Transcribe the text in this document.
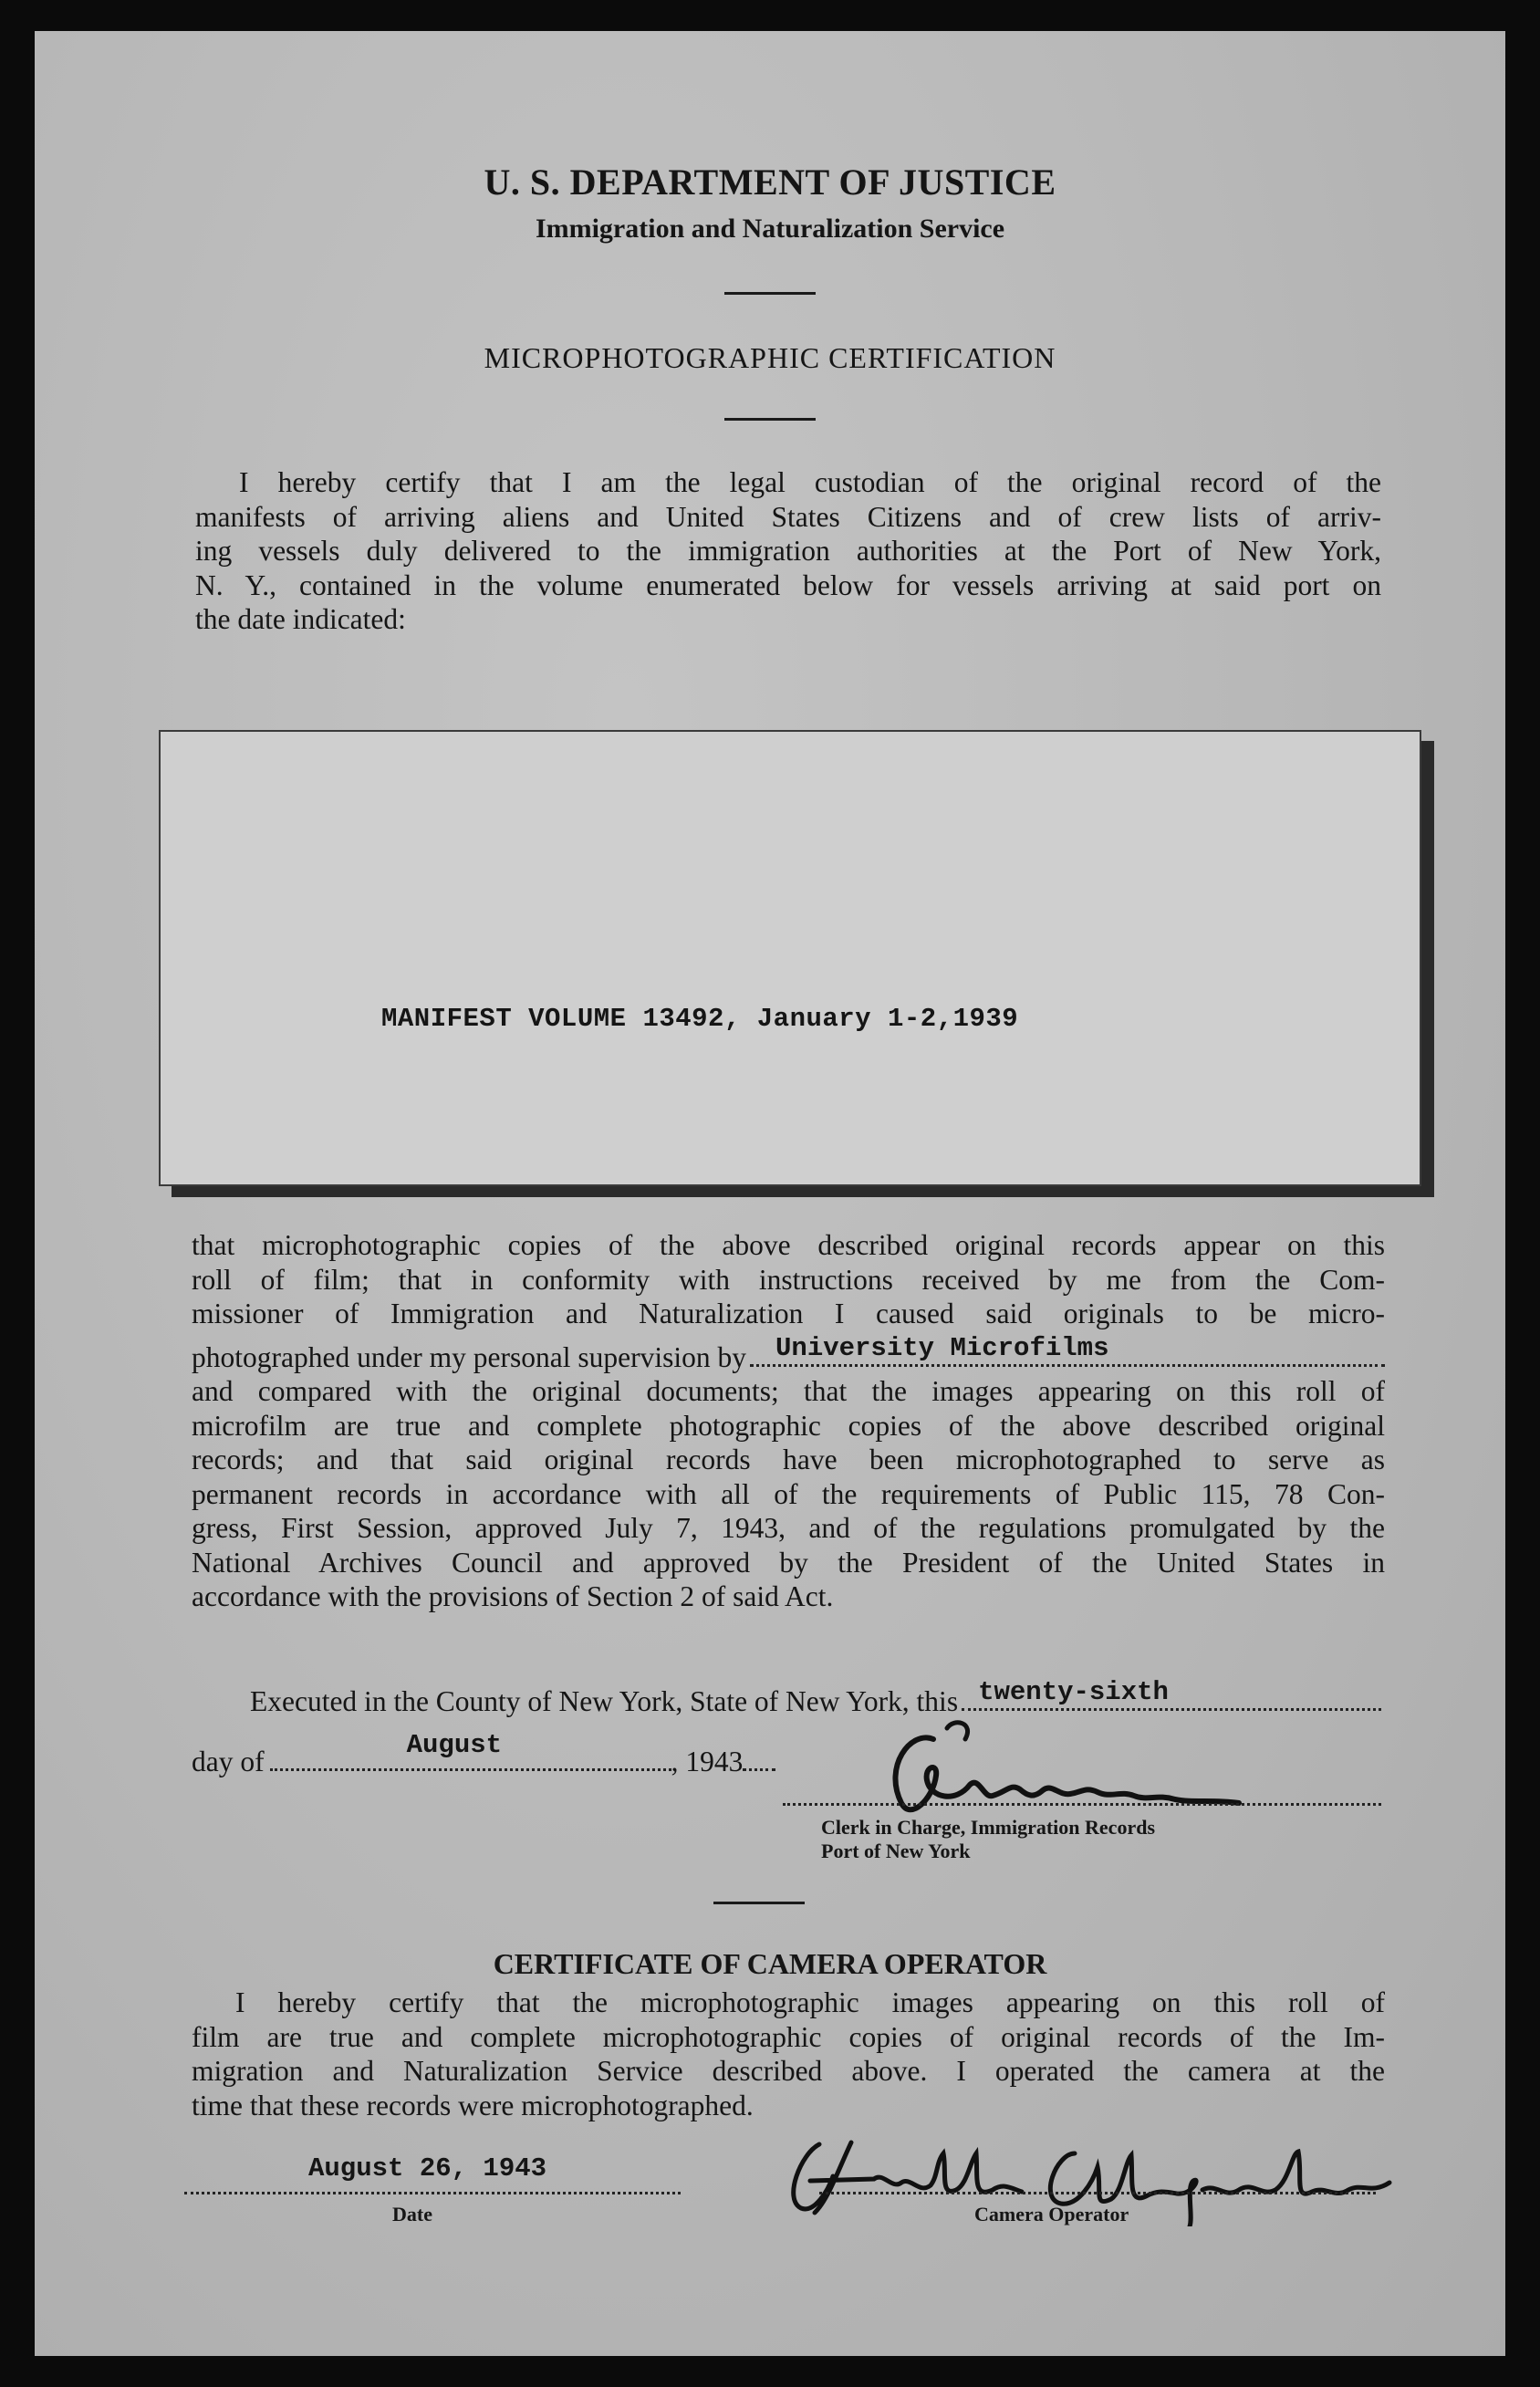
U. S. DEPARTMENT OF JUSTICE
Immigration and Naturalization Service
MICROPHOTOGRAPHIC CERTIFICATION

I hereby certify that I am the legal custodian of the original record of the

manifests of arriving aliens and United States Citizens and of crew lists of arriv-

ing vessels duly delivered to the immigration authorities at the Port of New York,

N. Y., contained in the volume enumerated below for vessels arriving at said port on

the date indicated:

MANIFEST VOLUME 13492, January 1-2,1939

that microphotographic copies of the above described original records appear on this

roll of film; that in conformity with instructions received by me from the Com-

missioner of Immigration and Naturalization I caused said originals to be micro-

photographed under my personal supervision by University Microfilms

and compared with the original documents; that the images appearing on this roll of

microfilm are true and complete photographic copies of the above described original

records; and that said original records have been microphotographed to serve as

permanent records in accordance with all of the requirements of Public 115, 78 Con-

gress, First Session, approved July 7, 1943, and of the regulations promulgated by the

National Archives Council and approved by the President of the United States in

accordance with the provisions of Section 2 of said Act.

Executed in the County of New York, State of New York, this twenty-sixth
day of
August
, 1943
Clerk in Charge, Immigration Records
Port of New York
CERTIFICATE OF CAMERA OPERATOR

I hereby certify that the microphotographic images appearing on this roll of

film are true and complete microphotographic copies of original records of the Im-

migration and Naturalization Service described above. I operated the camera at the

time that these records were microphotographed.

August 26, 1943
Date	Camera Operator
